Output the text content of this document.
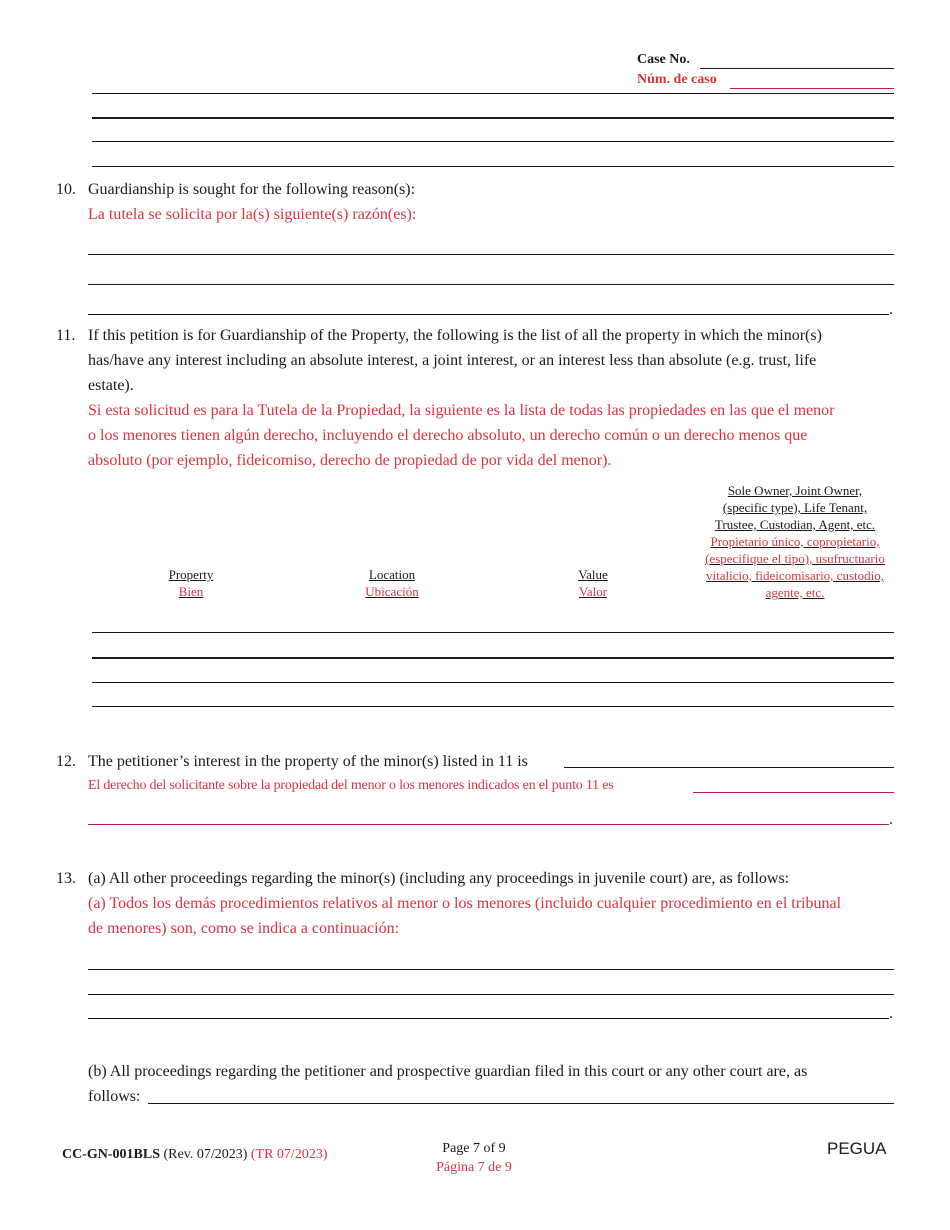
Case No.
Núm. de caso
10. Guardianship is sought for the following reason(s):
La tutela se solicita por la(s) siguiente(s) razón(es):
.
11. If this petition is for Guardianship of the Property, the following is the list of all the property in which the minor(s)
has/have any interest including an absolute interest, a joint interest, or an interest less than absolute (e.g. trust, life
estate).
Si esta solicitud es para la Tutela de la Propiedad, la siguiente es la lista de todas las propiedades en las que el menor
o los menores tienen algún derecho, incluyendo el derecho absoluto, un derecho común o un derecho menos que
absoluto (por ejemplo, fideicomiso, derecho de propiedad de por vida del menor).
Property
Bien
Location
Ubicación
Value
Valor
Sole Owner, Joint Owner,
(specific type), Life Tenant,
Trustee, Custodian, Agent, etc.
Propietario único, copropietario,
(especifique el tipo), usufructuario
vitalicio, fideicomisario, custodio,
agente, etc.
12. The petitioner’s interest in the property of the minor(s) listed in 11 is
El derecho del solicitante sobre la propiedad del menor o los menores indicados en el punto 11 es
.
13. (a) All other proceedings regarding the minor(s) (including any proceedings in juvenile court) are, as follows:
(a) Todos los demás procedimientos relativos al menor o los menores (incluido cualquier procedimiento en el tribunal
de menores) son, como se indica a continuación:
.
(b) All proceedings regarding the petitioner and prospective guardian filed in this court or any other court are, as
follows:
CC-GN-001BLS (Rev. 07/2023) (TR 07/2023)	Page 7 of 9
Página 7 de 9
PEGUA
